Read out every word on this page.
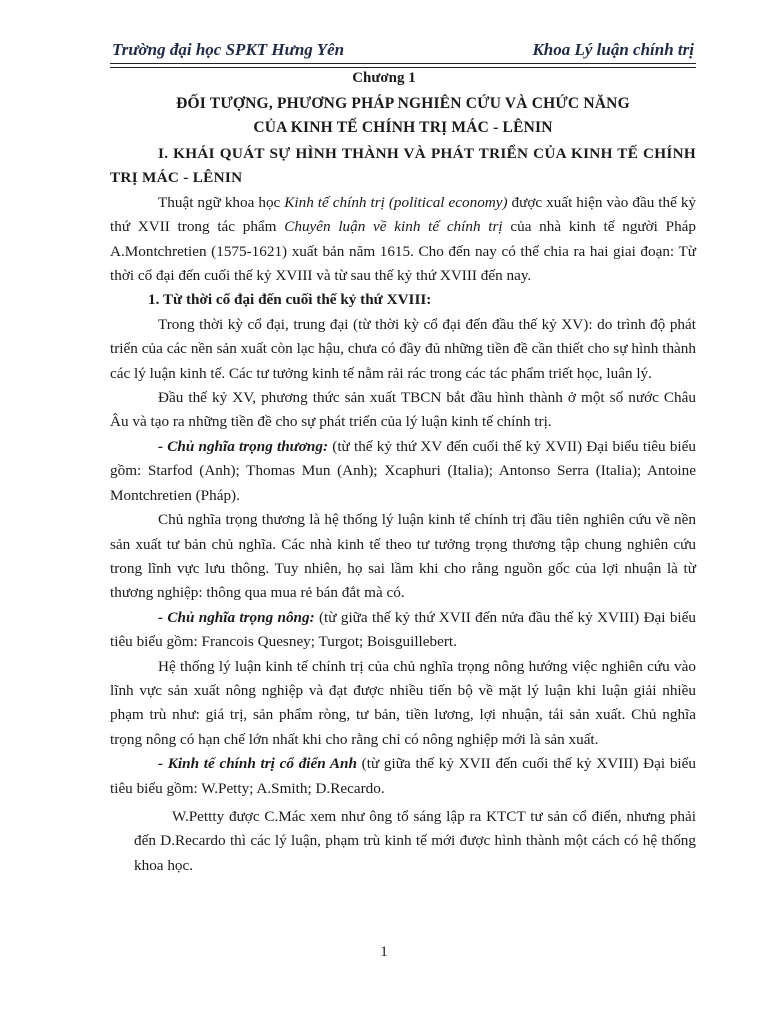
Trường đại học SPKT Hưng Yên	Khoa Lý luận chính trị
Chương 1
ĐỐI TƯỢNG, PHƯƠNG PHÁP NGHIÊN CỨU VÀ CHỨC NĂNG
CỦA KINH TẾ CHÍNH TRỊ MÁC - LÊNIN

I. KHÁI QUÁT SỰ HÌNH THÀNH VÀ PHÁT TRIỂN CỦA KINH TẾ CHÍNH TRỊ MÁC - LÊNIN

Thuật ngữ khoa học Kinh tế chính trị (political economy) được xuất hiện vào đầu thế kỷ thứ XVII trong tác phẩm Chuyên luận về kinh tế chính trị của nhà kinh tế người Pháp A.Montchretien (1575-1621) xuất bản năm 1615. Cho đến nay có thể chia ra hai giai đoạn: Từ thời cổ đại đến cuối thế kỷ XVIII và từ sau thế kỷ thứ XVIII đến nay.

1. Từ thời cổ đại đến cuối thế kỷ thứ XVIII:

Trong thời kỳ cổ đại, trung đại (từ thời kỳ cổ đại đến đầu thế kỷ XV): do trình độ phát triển của các nền sản xuất còn lạc hậu, chưa có đầy đủ những tiền đề cần thiết cho sự hình thành các lý luận kinh tế. Các tư tưởng kinh tế nằm rải rác trong các tác phẩm triết học, luân lý.

Đầu thế kỷ XV, phương thức sản xuất TBCN bắt đầu hình thành ở một số nước Châu Âu và tạo ra những tiền đề cho sự phát triển của lý luận kinh tế chính trị.

- Chủ nghĩa trọng thương: (từ thế kỷ thứ XV đến cuối thế kỷ XVII) Đại biểu tiêu biểu gồm: Starfod (Anh); Thomas Mun (Anh); Xcaphuri (Italia); Antonso Serra (Italia); Antoine Montchretien (Pháp).

Chủ nghĩa trọng thương là hệ thống lý luận kinh tế chính trị đầu tiên nghiên cứu về nền sản xuất tư bản chủ nghĩa. Các nhà kinh tế theo tư tưởng trọng thương tập chung nghiên cứu trong lĩnh vực lưu thông. Tuy nhiên, họ sai lầm khi cho rằng nguồn gốc của lợi nhuận là từ thương nghiệp: thông qua mua rẻ bán đắt mà có.

- Chủ nghĩa trọng nông: (từ giữa thế kỷ thứ XVII đến nửa đầu thế kỷ XVIII) Đại biểu tiêu biểu gồm: Francois Quesney; Turgot; Boisguillebert.

Hệ thống lý luận kinh tế chính trị của chủ nghĩa trọng nông hướng việc nghiên cứu vào lĩnh vực sản xuất nông nghiệp và đạt được nhiều tiến bộ về mặt lý luận khi luận giải nhiều phạm trù như: giá trị, sản phẩm ròng, tư bản, tiền lương, lợi nhuận, tái sản xuất. Chủ nghĩa trọng nông có hạn chế lớn nhất khi cho rằng chỉ có nông nghiệp mới là sản xuất.

- Kinh tế chính trị cổ điển Anh (từ giữa thế kỷ XVII đến cuối thế kỷ XVIII) Đại biểu tiêu biểu gồm: W.Petty; A.Smith; D.Recardo.

W.Pettty được C.Mác xem như ông tổ sáng lập ra KTCT tư sản cổ điển, nhưng phải đến D.Recardo thì các lý luận, phạm trù kinh tế mới được hình thành một cách có hệ thống khoa học.

1
